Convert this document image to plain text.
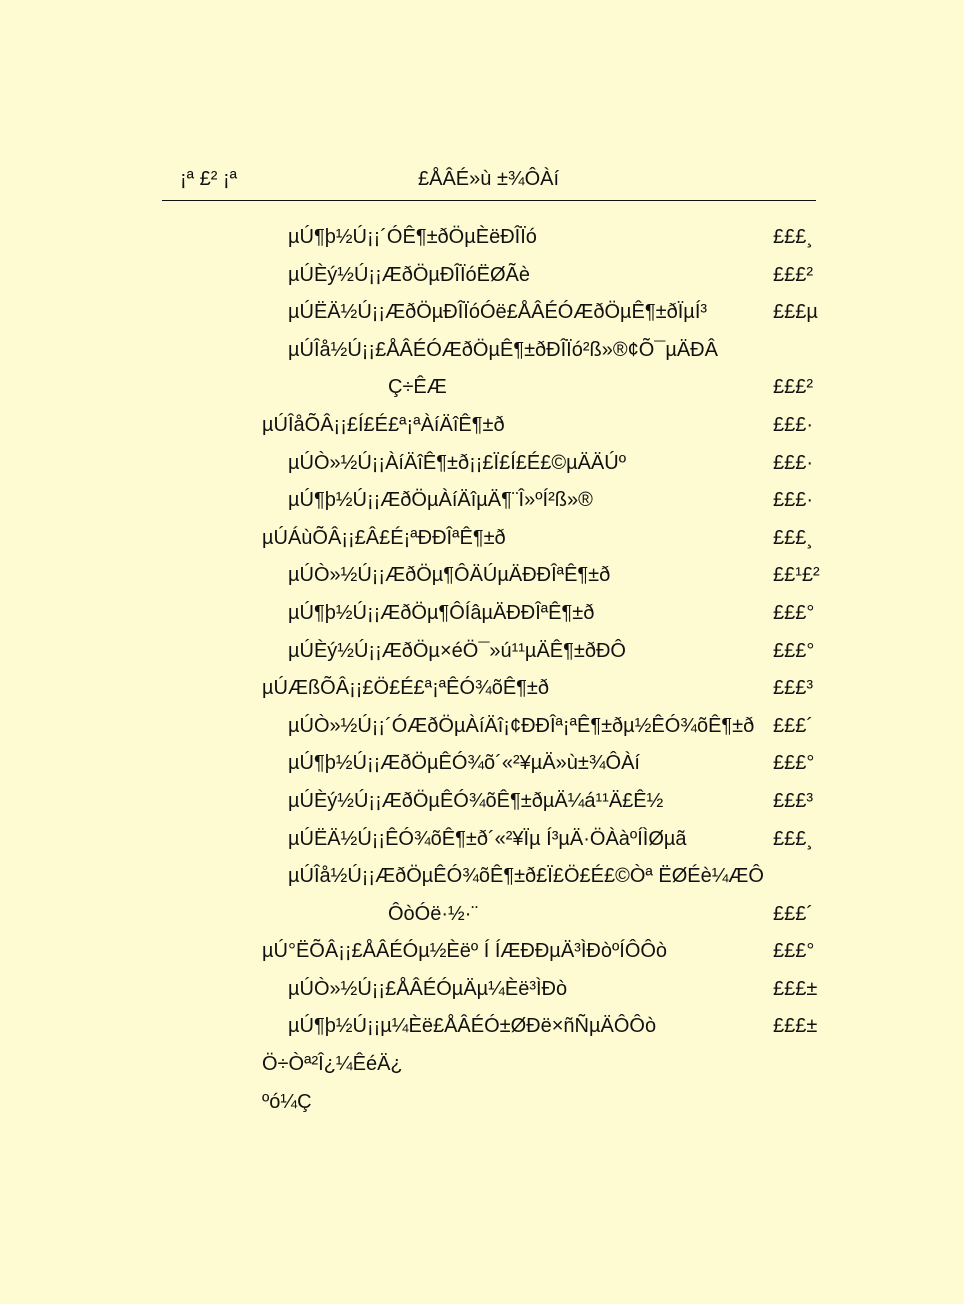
¡ª £² ¡ª	£ÅÂÉ»ù ±¾ÔÀí
µÚ¶þ½Ú¡¡´ÓÊ¶±ðÖµÈëÐÎÏó	£££¸
µÚÈý½Ú¡¡ÆðÖµÐÎÏóËØÃè	£££²
µÚËÄ½Ú¡¡ÆðÖµÐÎÏóÓë£ÅÂÉÓÆðÖµÊ¶±ðÏµÍ³	£££µ
µÚÎå½Ú¡¡£ÅÂÉÓÆðÖµÊ¶±ðÐÎÏó²ß»®¢Õ¯µÄÐÂ
Ç÷ÊÆ	£££²
µÚÎåÕÂ¡¡£Í£É£ª¡ªÀíÄîÊ¶±ð	£££·
µÚÒ»½Ú¡¡ÀíÄîÊ¶±ð¡¡£Ï£Í£É£©µÄÄÚº	£££·
µÚ¶þ½Ú¡¡ÆðÖµÀíÄîµÄ¶¨Î»ºÍ²ß»®	£££·
µÚÁùÕÂ¡¡£Â£É¡ªÐÐÎªÊ¶±ð	£££¸
µÚÒ»½Ú¡¡ÆðÖµ¶ÔÄÚµÄÐÐÎªÊ¶±ð	££¹£²
µÚ¶þ½Ú¡¡ÆðÖµ¶ÔÍâµÄÐÐÎªÊ¶±ð	£££°
µÚÈý½Ú¡¡ÆðÖµ×éÖ¯»ú¹¹µÄÊ¶±ðÐÔ	£££°
µÚÆßÕÂ¡¡£Ö£É£ª¡ªÊÓ¾õÊ¶±ð	£££³
µÚÒ»½Ú¡¡´ÓÆðÖµÀíÄî¡¢ÐÐÎª¡ªÊ¶±ðµ½ÊÓ¾õÊ¶±ð £££´
µÚ¶þ½Ú¡¡ÆðÖµÊÓ¾õ´«²¥µÄ»ù±¾ÔÀí	£££°
µÚÈý½Ú¡¡ÆðÖµÊÓ¾õÊ¶±ðµÄ¼á¹¹Ä£Ê½	£££³
µÚËÄ½Ú¡¡ÊÓ¾õÊ¶±ð´«²¥Ïµ Í³µÄ·ÖÀàºÍÌØµã	£££¸
µÚÎå½Ú¡¡ÆðÖµÊÓ¾õÊ¶±ð£Ï£Ö£É£©Òª ËØÉè¼ÆÔ
ÔòÓë·½·¨	£££´
µÚ°ËÕÂ¡¡£ÅÂÉÓµ½Èëº Í ÍÆÐÐµÄ³ÌÐòºÍÔÔò	£££°
µÚÒ»½Ú¡¡£ÅÂÉÓµÄµ¼Èë³ÌÐò	£££±
µÚ¶þ½Ú¡¡µ¼Èë£ÅÂÉÓ±ØÐë×ñÑµÄÔÔò	£££±
Ö÷Òª²Î¿¼ÊéÄ¿
ºó¼Ç
